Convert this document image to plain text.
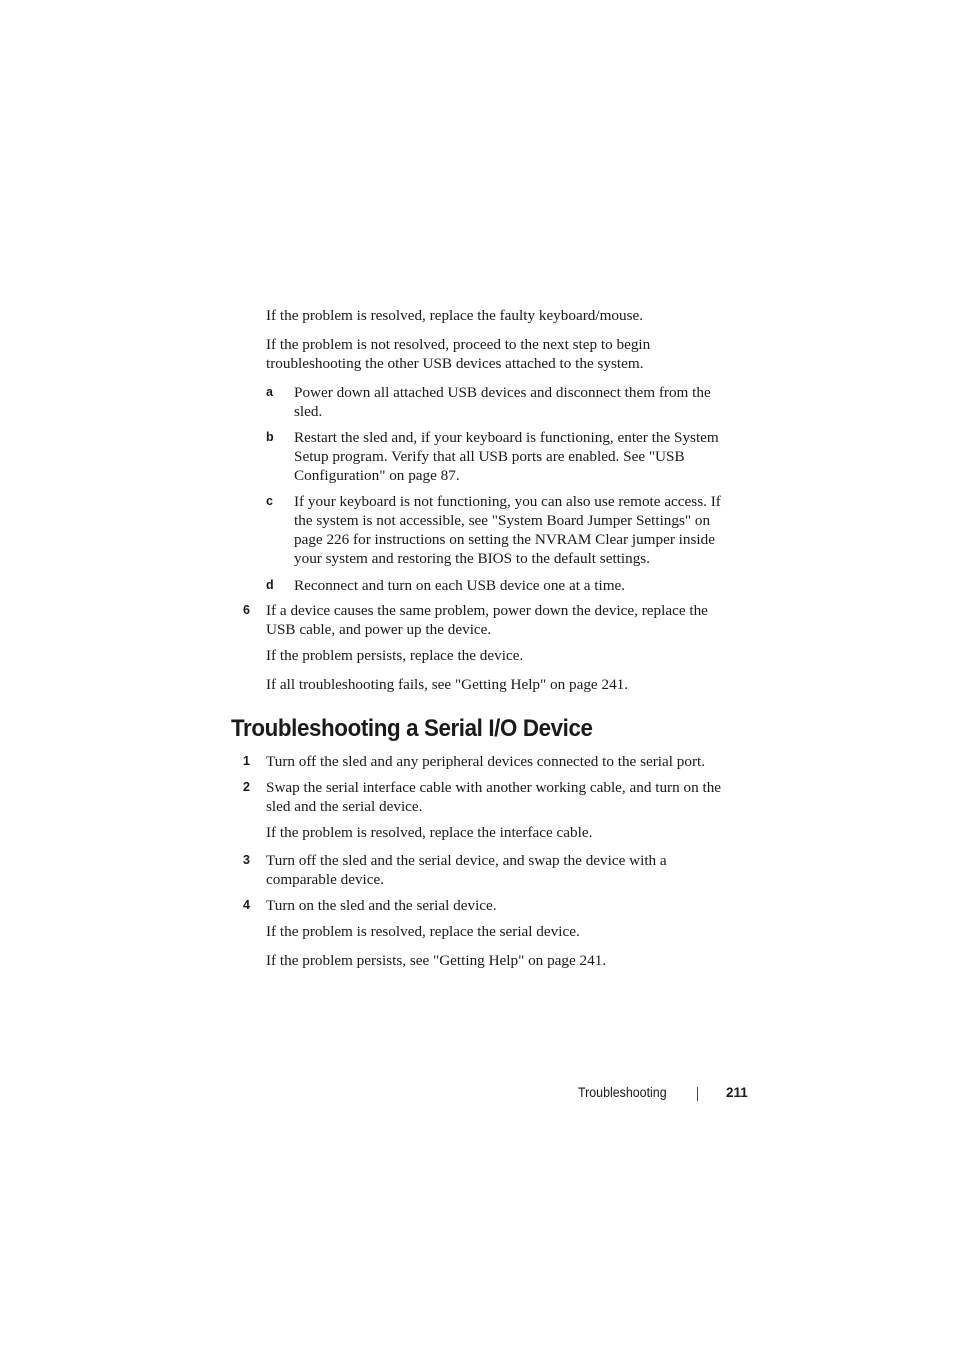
If the problem is resolved, replace the faulty keyboard/mouse.

If the problem is not resolved, proceed to the next step to begin

troubleshooting the other USB devices attached to the system.

a Power down all attached USB devices and disconnect them from the

sled.

b Restart the sled and, if your keyboard is functioning, enter the System

Setup program. Verify that all USB ports are enabled. See "USB

Configuration" on page 87.

c If your keyboard is not functioning, you can also use remote access. If

the system is not accessible, see "System Board Jumper Settings" on

page 226 for instructions on setting the NVRAM Clear jumper inside

your system and restoring the BIOS to the default settings.

d Reconnect and turn on each USB device one at a time.

6 If a device causes the same problem, power down the device, replace the

USB cable, and power up the device.

If the problem persists, replace the device.

If all troubleshooting fails, see "Getting Help" on page 241.

Troubleshooting a Serial I/O Device
1 Turn off the sled and any peripheral devices connected to the serial port.

2 Swap the serial interface cable with another working cable, and turn on the

sled and the serial device.

If the problem is resolved, replace the interface cable.

3 Turn off the sled and the serial device, and swap the device with a

comparable device.

4 Turn on the sled and the serial device.

If the problem is resolved, replace the serial device.

If the problem persists, see "Getting Help" on page 241.

Troubleshooting	211
